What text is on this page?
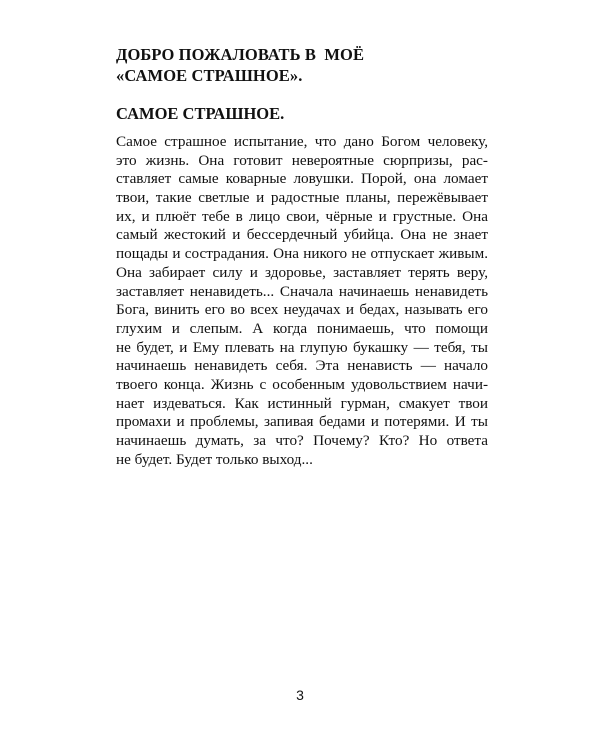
ДОБРО ПОЖАЛОВАТЬ В  МОЁ
«САМОЕ СТРАШНОЕ».
САМОЕ СТРАШНОЕ.
Самое страшное испытание, что дано Богом человеку,
это жизнь. Она готовит невероятные сюрпризы, рас-
ставляет самые коварные ловушки. Порой, она ломает
твои, такие светлые и радостные планы, пережёвывает
их, и плюёт тебе в лицо свои, чёрные и грустные. Она
самый жестокий и бессердечный убийца. Она не знает
пощады и сострадания. Она никого не отпускает живым.
Она забирает силу и здоровье, заставляет терять веру,
заставляет ненавидеть... Сначала начинаешь ненавидеть
Бога, винить его во всех неудачах и бедах, называть его
глухим и слепым. А когда понимаешь, что помощи
не будет, и Ему плевать на глупую букашку — тебя, ты
начинаешь ненавидеть себя. Эта ненависть — начало
твоего конца. Жизнь с особенным удовольствием начи-
нает издеваться. Как истинный гурман, смакует твои
промахи и проблемы, запивая бедами и потерями. И ты
начинаешь думать, за что? Почему? Кто? Но ответа
не будет. Будет только выход...
3
